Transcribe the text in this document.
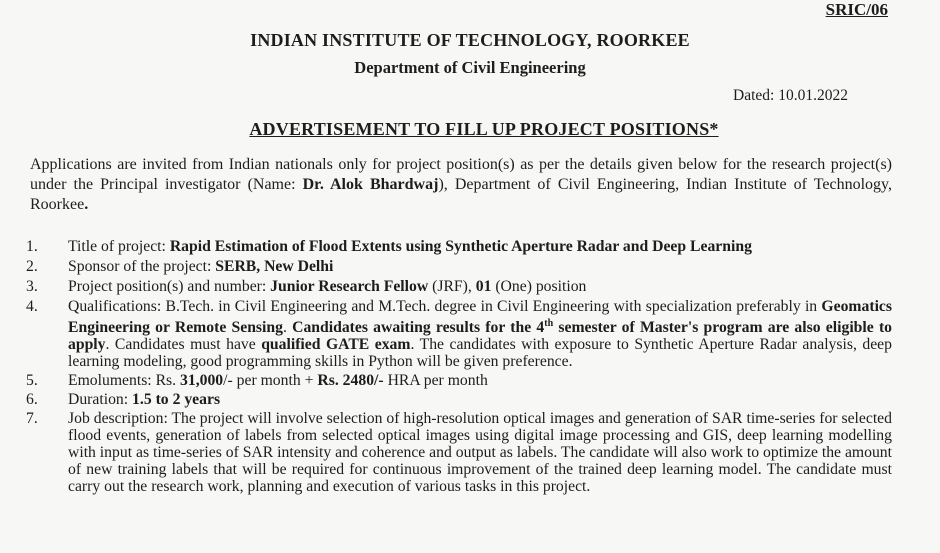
SRIC/06
INDIAN INSTITUTE OF TECHNOLOGY, ROORKEE
Department of Civil Engineering
Dated: 10.01.2022
ADVERTISEMENT TO FILL UP PROJECT POSITIONS*
Applications are invited from Indian nationals only for project position(s) as per the details given below for the research project(s) under the Principal investigator (Name: Dr. Alok Bhardwaj), Department of Civil Engineering, Indian Institute of Technology, Roorkee.
1. Title of project: Rapid Estimation of Flood Extents using Synthetic Aperture Radar and Deep Learning
2. Sponsor of the project: SERB, New Delhi
3. Project position(s) and number: Junior Research Fellow (JRF), 01 (One) position
4. Qualifications: B.Tech. in Civil Engineering and M.Tech. degree in Civil Engineering with specialization preferably in Geomatics Engineering or Remote Sensing. Candidates awaiting results for the 4th semester of Master's program are also eligible to apply. Candidates must have qualified GATE exam. The candidates with exposure to Synthetic Aperture Radar analysis, deep learning modeling, good programming skills in Python will be given preference.
5. Emoluments: Rs. 31,000/- per month + Rs. 2480/- HRA per month
6. Duration: 1.5 to 2 years
7. Job description: The project will involve selection of high-resolution optical images and generation of SAR time-series for selected flood events, generation of labels from selected optical images using digital image processing and GIS, deep learning modelling with input as time-series of SAR intensity and coherence and output as labels. The candidate will also work to optimize the amount of new training labels that will be required for continuous improvement of the trained deep learning model. The candidate must carry out the research work, planning and execution of various tasks in this project.
